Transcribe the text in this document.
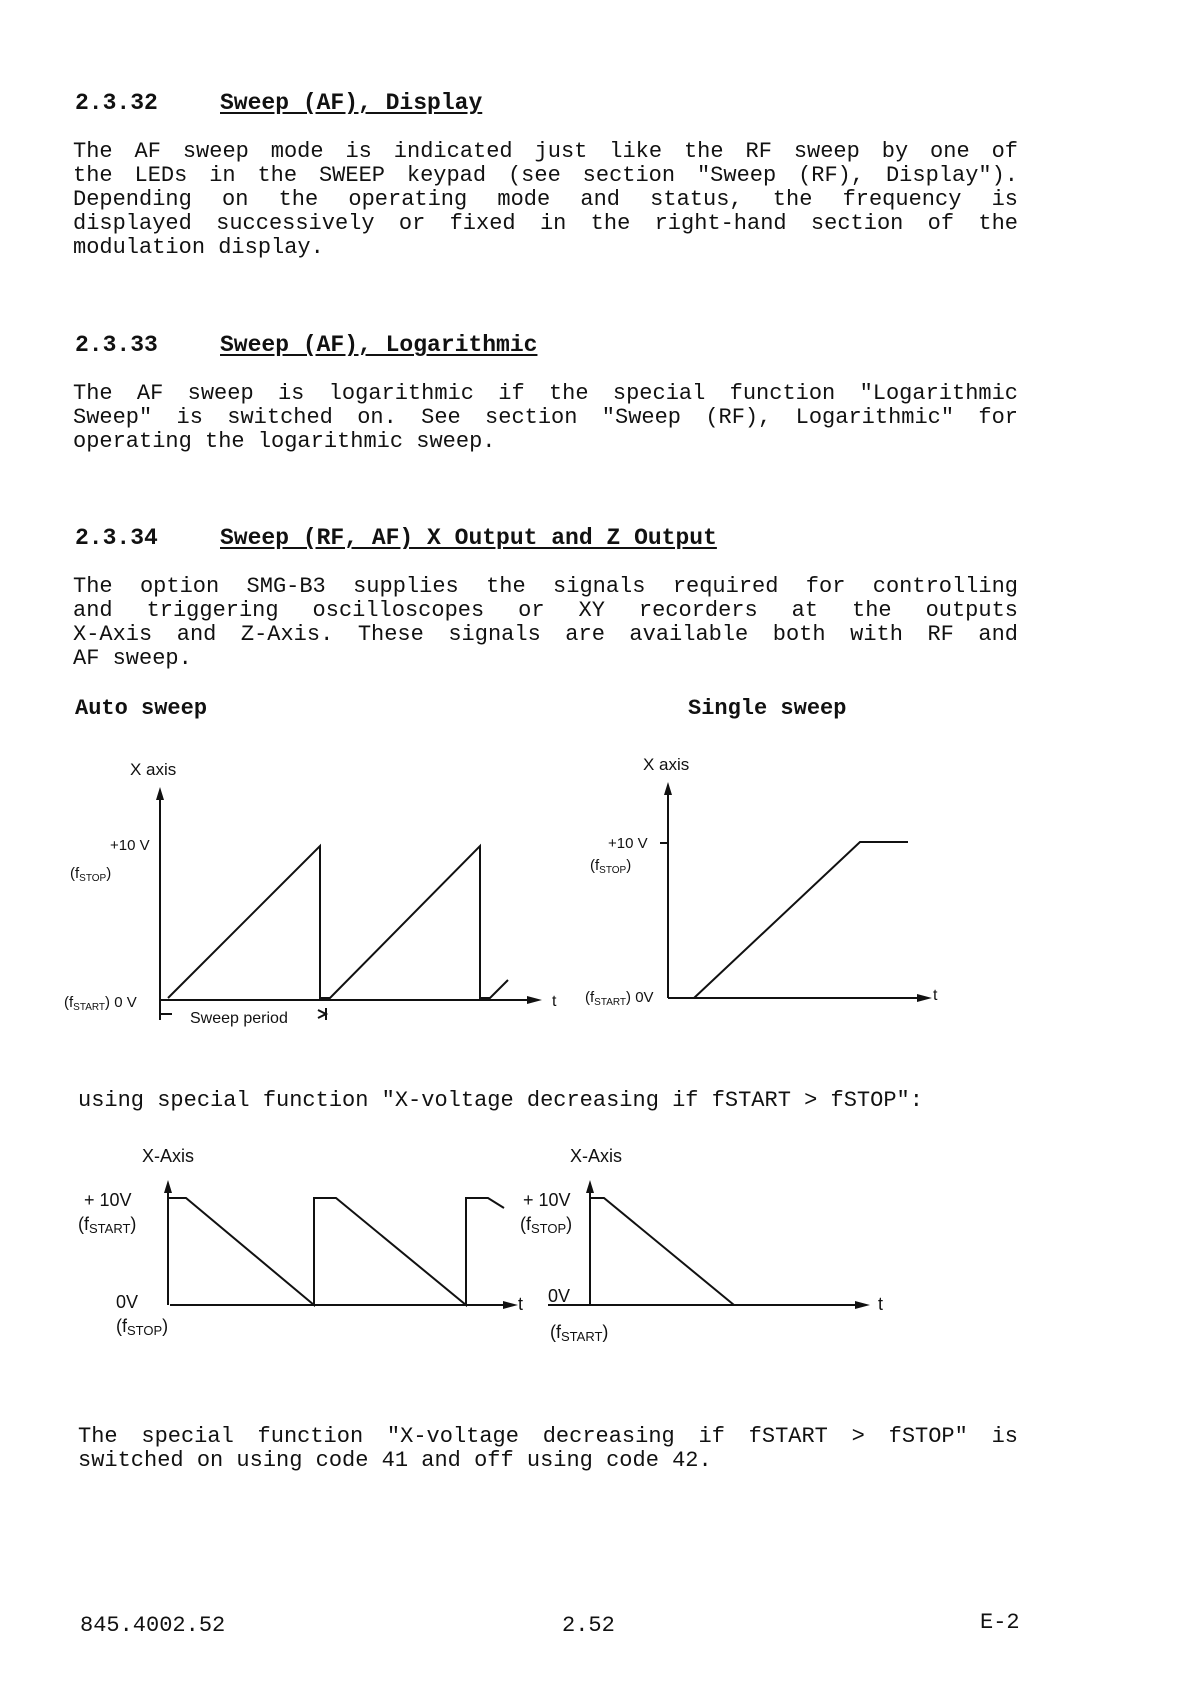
2.3.32	Sweep (AF), Display
The AF sweep mode is indicated just like the RF sweep by one of
the LEDs in the SWEEP keypad (see section "Sweep (RF), Display").
Depending on the operating mode and status, the frequency is
displayed successively or fixed in the right-hand section of the
modulation display.
2.3.33	Sweep (AF), Logarithmic
The AF sweep is logarithmic if the special function "Logarithmic
Sweep" is switched on. See section "Sweep (RF), Logarithmic" for
operating the logarithmic sweep.
2.3.34	Sweep (RF, AF) X Output and Z Output
The option SMG-B3 supplies the signals required for controlling
and triggering oscilloscopes or XY recorders at the outputs
X-Axis and Z-Axis. These signals are available both with RF and
AF sweep.
Auto sweep	Single sweep
X axis
+10 V
$(f_{STOP})$
$(f_{START})$ 0 V	t
Sweep period
X axis
+10 V
$(f_{STOP})$
$(f_{START})$ 0V	t
using special function "X-voltage decreasing if fSTART > fSTOP":
X-Axis
+ 10V
(fSTART)
0V
(fSTOP)
t
X-Axis
+ 10V
(fSTOP)
0V
(fSTART)
t
The special function "X-voltage decreasing if fSTART > fSTOP" is
switched on using code 41 and off using code 42.
845.4002.52	2.52	E-2
